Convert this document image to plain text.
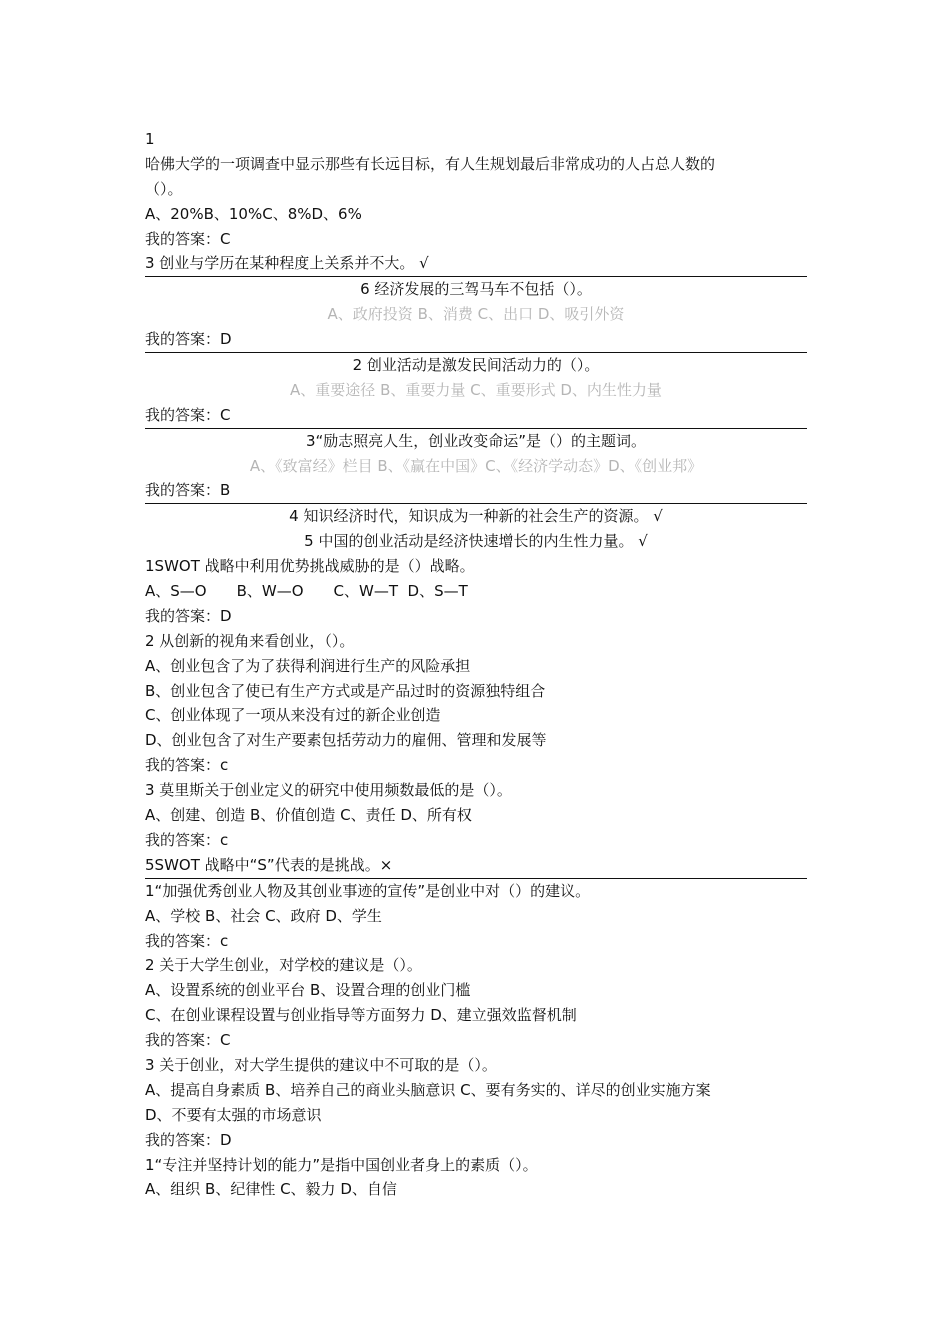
1
哈佛大学的一项调查中显示那些有长远目标，有人生规划最后非常成功的人占总人数的
（）。
A、20%B、10%C、8%D、6%
我的答案：C
3 创业与学历在某种程度上关系并不大。 √
6 经济发展的三驾马车不包括（）。
A、政府投资 B、消费 C、出口 D、吸引外资
我的答案：D
2 创业活动是激发民间活动力的（）。
A、重要途径 B、重要力量 C、重要形式 D、内生性力量
我的答案：C
3“励志照亮人生，创业改变命运”是（）的主题词。
A、《致富经》栏目 B、《赢在中国》C、《经济学动态》D、《创业邦》
我的答案：B
4 知识经济时代，知识成为一种新的社会生产的资源。 √
5 中国的创业活动是经济快速增长的内生性力量。 √
1SWOT 战略中利用优势挑战威胁的是（）战略。
A、S—O B、W—O C、W—T D、S—T
我的答案：D
2 从创新的视角来看创业，（）。
A、创业包含了为了获得利润进行生产的风险承担
B、创业包含了使已有生产方式或是产品过时的资源独特组合
C、创业体现了一项从来没有过的新企业创造
D、创业包含了对生产要素包括劳动力的雇佣、管理和发展等
我的答案：c
3 莫里斯关于创业定义的研究中使用频数最低的是（）。
A、创建、创造 B、价值创造 C、责任 D、所有权
我的答案：c
5SWOT 战略中“S”代表的是挑战。×
1“加强优秀创业人物及其创业事迹的宣传”是创业中对（）的建议。
A、学校 B、社会 C、政府 D、学生
我的答案：c
2 关于大学生创业，对学校的建议是（）。
A、设置系统的创业平台 B、设置合理的创业门槛
C、在创业课程设置与创业指导等方面努力 D、建立强效监督机制
我的答案：C
3 关于创业，对大学生提供的建议中不可取的是（）。
A、提高自身素质 B、培养自己的商业头脑意识 C、要有务实的、详尽的创业实施方案
D、不要有太强的市场意识
我的答案：D
1“专注并坚持计划的能力”是指中国创业者身上的素质（）。
A、组织 B、纪律性 C、毅力 D、自信
